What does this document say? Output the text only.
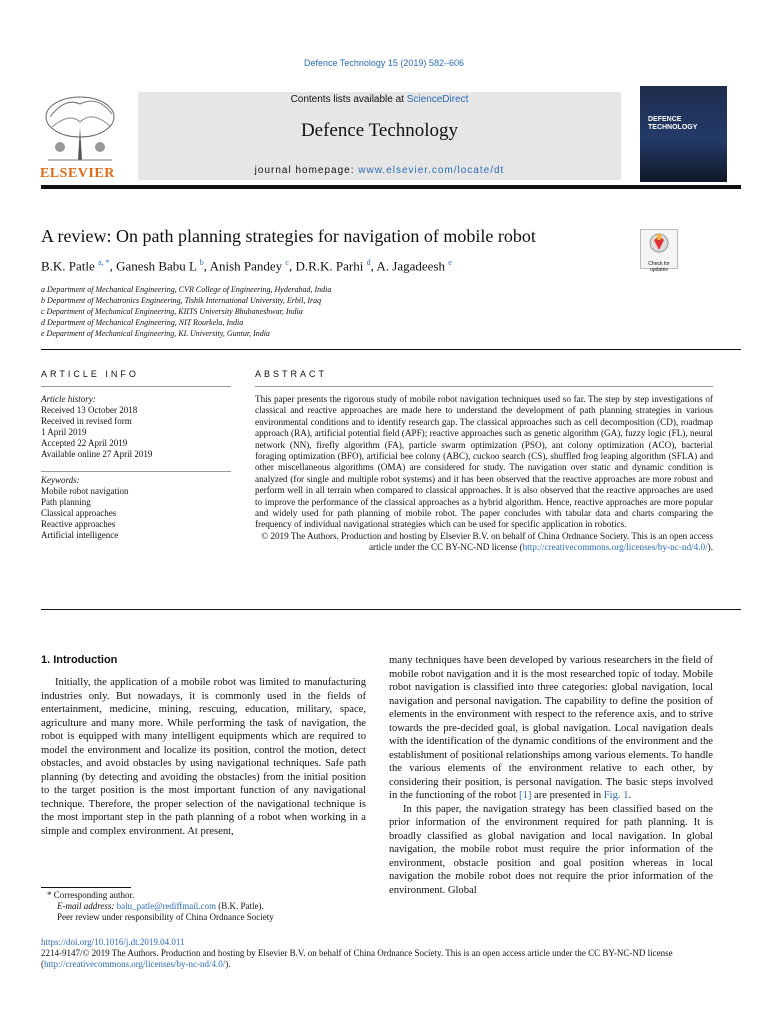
Defence Technology 15 (2019) 582–606
ELSEVIER
Contents lists available at ScienceDirect
Defence Technology
journal homepage: www.elsevier.com/locate/dt
DEFENCE
TECHNOLOGY
A review: On path planning strategies for navigation of mobile robot
Check for updates
B.K. Patle $^{a, *}$, Ganesh Babu L $^b$, Anish Pandey $^c$, D.R.K. Parhi $^d$, A. Jagadeesh $^e$
a Department of Mechanical Engineering, CVR College of Engineering, Hyderabad, India
b Department of Mechatronics Engineering, Tishik International University, Erbil, Iraq
c Department of Mechanical Engineering, KIITS University Bhubaneshwar, India
d Department of Mechanical Engineering, NIT Rourkela, India
e Department of Mechanical Engineering, KL University, Guntur, India
ARTICLE INFO	ABSTRACT
Article history:
Received 13 October 2018
Received in revised form
1 April 2019
Accepted 22 April 2019
Available online 27 April 2019
Keywords:
Mobile robot navigation
Path planning
Classical approaches
Reactive approaches
Artificial intelligence
This paper presents the rigorous study of mobile robot navigation techniques used so far. The step by step investigations of classical and reactive approaches are made here to understand the development of path planning strategies in various environmental conditions and to identify research gap. The classical approaches such as cell decomposition (CD), roadmap approach (RA), artificial potential field (APF); reactive approaches such as genetic algorithm (GA), fuzzy logic (FL), neural network (NN), firefly algorithm (FA), particle swarm optimization (PSO), ant colony optimization (ACO), bacterial foraging optimization (BFO), artificial bee colony (ABC), cuckoo search (CS), shuffled frog leaping algorithm (SFLA) and other miscellaneous algorithms (OMA) are considered for study. The navigation over static and dynamic condition is analyzed (for single and multiple robot systems) and it has been observed that the reactive approaches are more robust and perform well in all terrain when compared to classical approaches. It is also observed that the reactive approaches are used to improve the performance of the classical approaches as a hybrid algorithm. Hence, reactive approaches are more popular and widely used for path planning of mobile robot. The paper concludes with tabular data and charts comparing the frequency of individual navigational strategies which can be used for specific application in robotics.
© 2019 The Authors. Production and hosting by Elsevier B.V. on behalf of China Ordnance Society. This is an open access article under the CC BY-NC-ND license (http://creativecommons.org/licenses/by-nc-nd/4.0/).
1. Introduction

Initially, the application of a mobile robot was limited to manufacturing industries only. But nowadays, it is commonly used in the fields of entertainment, medicine, mining, rescuing, education, military, space, agriculture and many more. While performing the task of navigation, the robot is equipped with many intelligent equipments which are required to model the environment and localize its position, control the motion, detect obstacles, and avoid obstacles by using navigational techniques. Safe path planning (by detecting and avoiding the obstacles) from the initial position to the target position is the most important function of any navigational technique. Therefore, the proper selection of the navigational technique is the most important step in the path planning of a robot when working in a simple and complex environment. At present,

many techniques have been developed by various researchers in the field of mobile robot navigation and it is the most researched topic of today. Mobile robot navigation is classified into three categories: global navigation, local navigation and personal navigation. The capability to define the position of elements in the environment with respect to the reference axis, and to strive towards the pre-decided goal, is global navigation. Local navigation deals with the identification of the dynamic conditions of the environment and the establishment of positional relationships among various elements. To handle the various elements of the environment relative to each other, by considering their position, is personal navigation. The basic steps involved in the functioning of the robot [1] are presented in Fig. 1.

In this paper, the navigation strategy has been classified based on the prior information of the environment required for path planning. It is broadly classified as global navigation and local navigation. In global navigation, the mobile robot must require the prior information of the environment, obstacle position and goal position whereas in local navigation the mobile robot does not require the prior information of the environment. Global

* Corresponding author.
E-mail address: balu_patle@rediffmail.com (B.K. Patle).
Peer review under responsibility of China Ordnance Society
https://doi.org/10.1016/j.dt.2019.04.011
2214-9147/© 2019 The Authors. Production and hosting by Elsevier B.V. on behalf of China Ordnance Society. This is an open access article under the CC BY-NC-ND license (http://creativecommons.org/licenses/by-nc-nd/4.0/).
